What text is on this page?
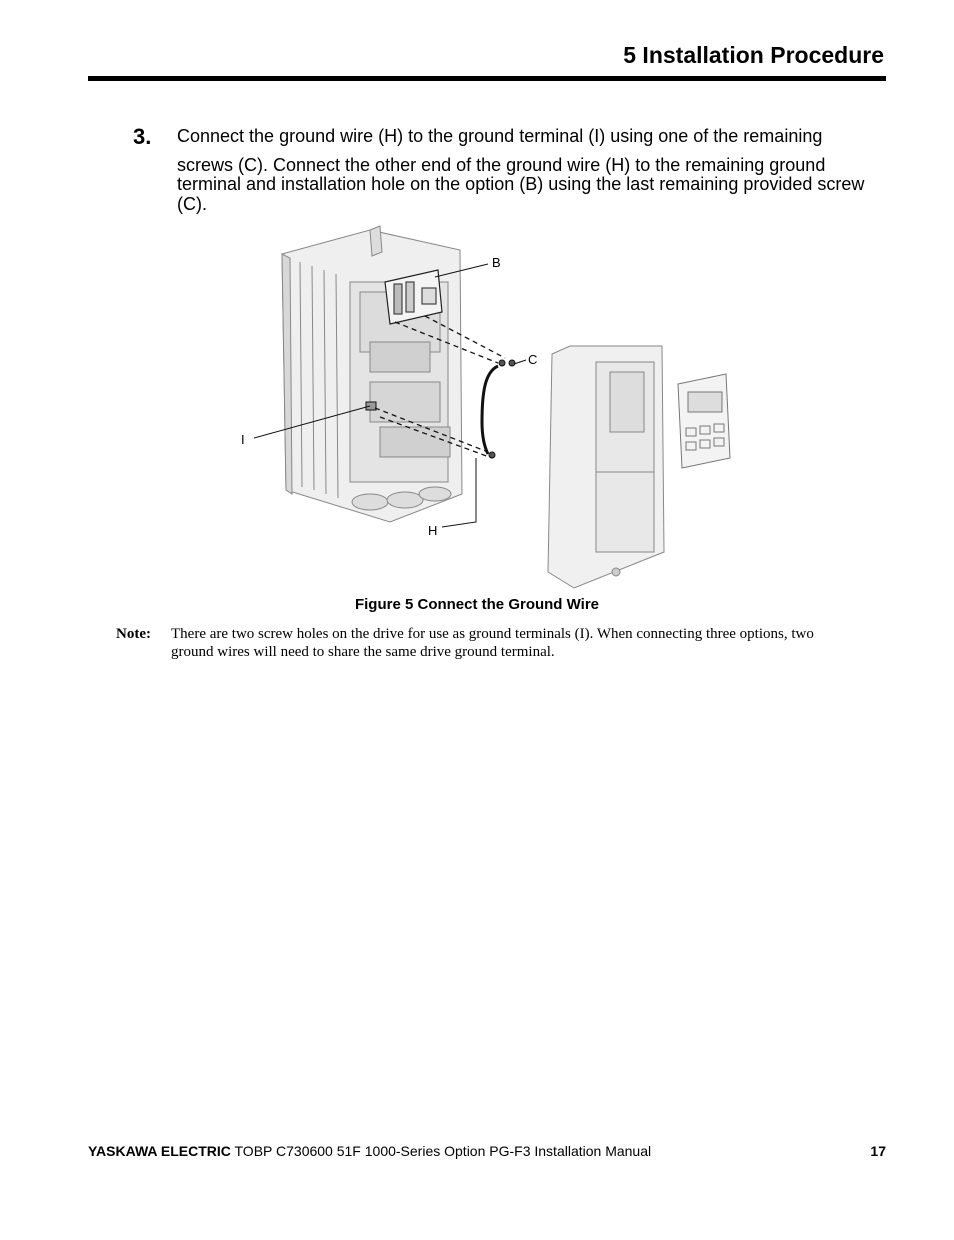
5 Installation Procedure
3. Connect the ground wire (H) to the ground terminal (I) using one of the remaining
screws (C). Connect the other end of the ground wire (H) to the remaining ground terminal and installation hole on the option (B) using the last remaining provided screw (C).
B
C
I
H
Figure 5 Connect the Ground Wire
Note: There are two screw holes on the drive for use as ground terminals (I). When connecting three options, two ground wires will need to share the same drive ground terminal.
YASKAWA ELECTRIC TOBP C730600 51F 1000-Series Option PG-F3 Installation Manual	17
